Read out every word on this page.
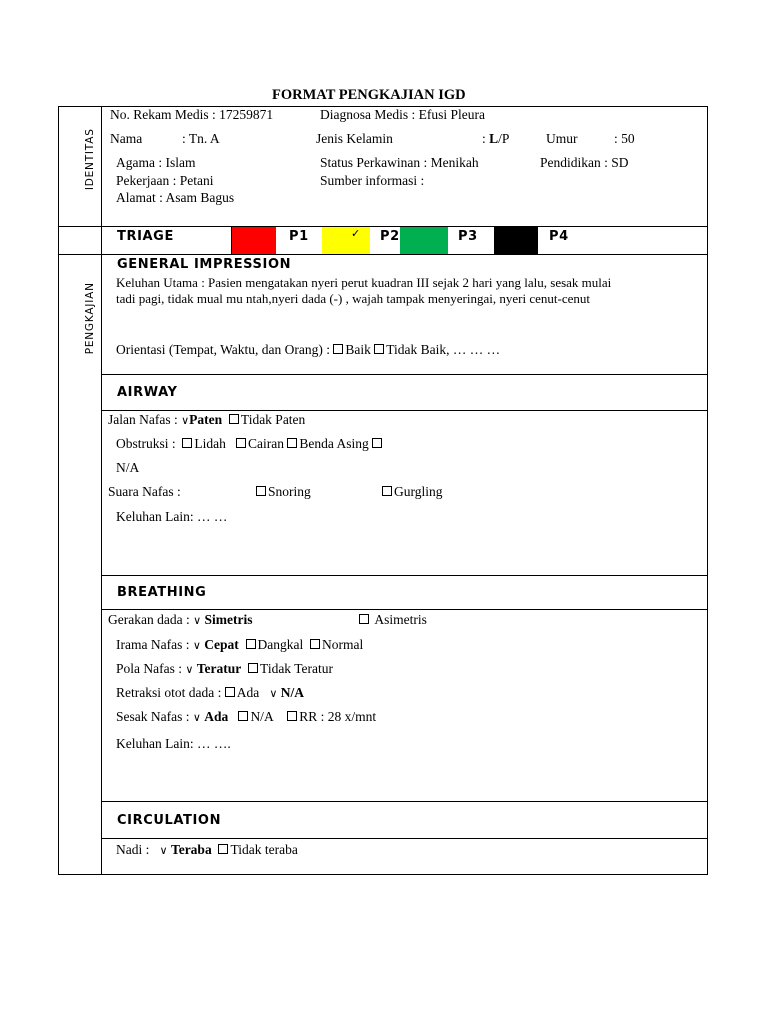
FORMAT PENGKAJIAN IGD
IDENTITAS
PENGKAJIAN
No. Rekam Medis : 17259871	Diagnosa Medis : Efusi Pleura
Nama	: Tn. A	Jenis Kelamin	: L/P	Umur	: 50
Agama : Islam	Status Perkawinan : Menikah	Pendidikan : SD
Pekerjaan : Petani	Sumber informasi :
Alamat : Asam Bagus
TRIAGE	P1	✓ P2	P3	P4
GENERAL IMPRESSION
Keluhan Utama : Pasien mengatakan nyeri perut kuadran III sejak 2 hari yang lalu, sesak mulai
tadi pagi, tidak mual mu ntah,nyeri dada (-) , wajah tampak menyeringai, nyeri cenut-cenut
Orientasi (Tempat, Waktu, dan Orang) : Baik Tidak Baik, … … …
AIRWAY
Jalan Nafas : ∨Paten Tidak Paten
Obstruksi : Lidah Cairan Benda Asing
N/A
Suara Nafas :	Snoring	Gurgling
Keluhan Lain: … …
BREATHING
Gerakan dada : ∨ Simetris	Asimetris
Irama Nafas : ∨ Cepat Dangkal Normal
Pola Nafas : ∨ Teratur Tidak Teratur
Retraksi otot dada : Ada ∨ N/A
Sesak Nafas : ∨ Ada N/A RR : 28 x/mnt
Keluhan Lain: … ….
CIRCULATION
Nadi : ∨ Teraba Tidak teraba
